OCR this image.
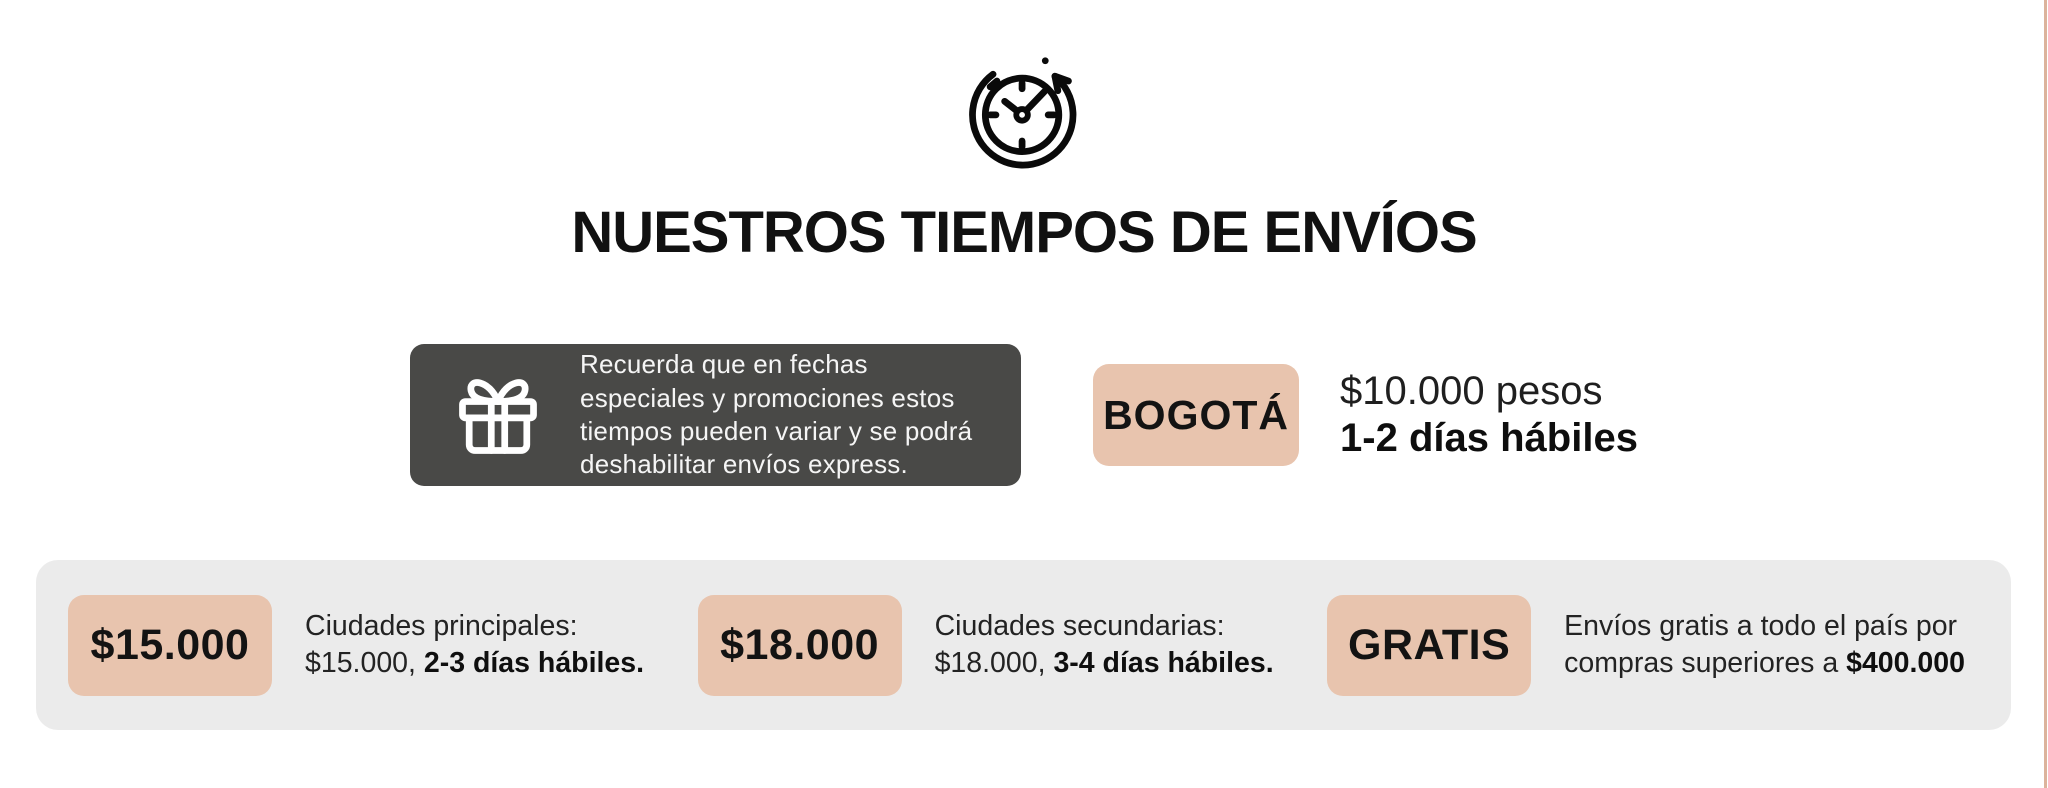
NUESTROS TIEMPOS DE ENVÍOS
Recuerda que en fechas
especiales y promociones estos
tiempos pueden variar y se podrá
deshabilitar envíos express.
BOGOTÁ
$10.000 pesos
1-2 días hábiles
$15.000	Ciudades principales:
$15.000, 2-3 días hábiles.	$18.000	Ciudades secundarias:
$18.000, 3-4 días hábiles.	GRATIS	Envíos gratis a todo el país por
compras superiores a $400.000
